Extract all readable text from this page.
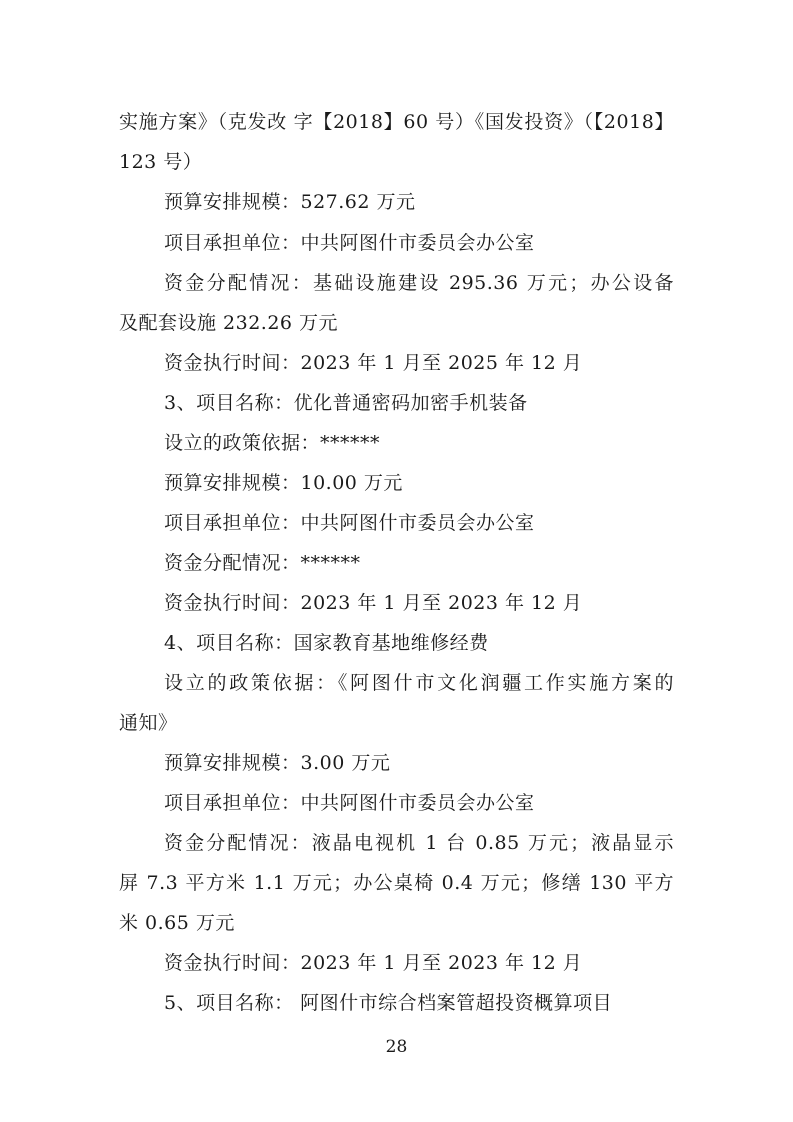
实施方案》（克发改 字【2018】60 号）《国发投资》（【2018】
123 号）
预算安排规模：527.62 万元
项目承担单位：中共阿图什市委员会办公室
资金分配情况：基础设施建设 295.36 万元；办公设备
及配套设施 232.26 万元
资金执行时间：2023 年 1 月至 2025 年 12 月
3、项目名称：优化普通密码加密手机装备
设立的政策依据：******
预算安排规模：10.00 万元
项目承担单位：中共阿图什市委员会办公室
资金分配情况：******
资金执行时间：2023 年 1 月至 2023 年 12 月
4、项目名称：国家教育基地维修经费
设立的政策依据：《阿图什市文化润疆工作实施方案的
通知》
预算安排规模：3.00 万元
项目承担单位：中共阿图什市委员会办公室
资金分配情况：液晶电视机 1 台 0.85 万元；液晶显示
屏 7.3 平方米 1.1 万元；办公桌椅 0.4 万元；修缮 130 平方
米 0.65 万元
资金执行时间：2023 年 1 月至 2023 年 12 月
5、项目名称： 阿图什市综合档案管超投资概算项目
28
